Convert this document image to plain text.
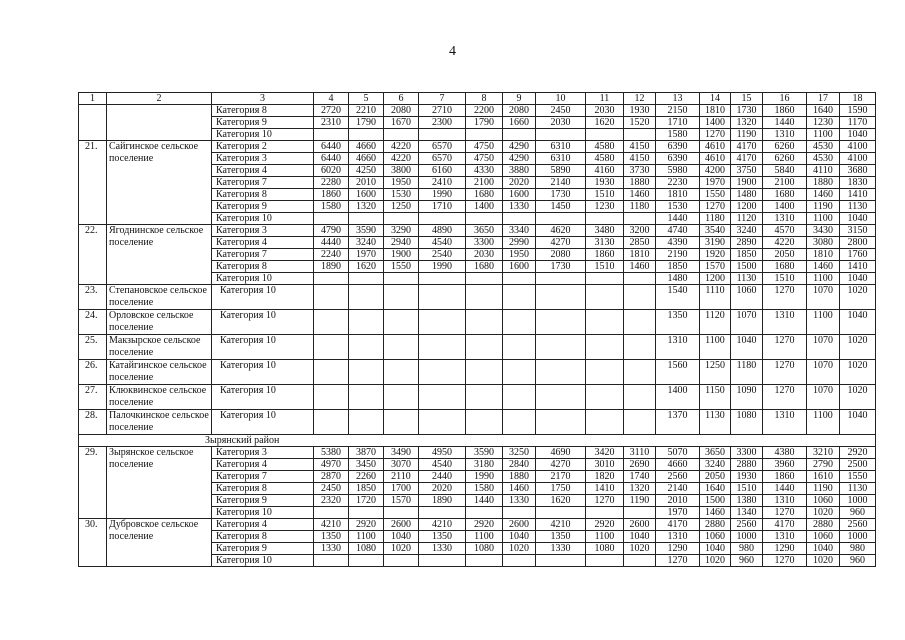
4
1	2	3	4	5	6	7	8	9	10	11	12	13	14	15	16	17	18
		Категория 8	2720	2210	2080	2710	2200	2080	2450	2030	1930	2150	1810	1730	1860	1640	1590
		Категория 9	2310	1790	1670	2300	1790	1660	2030	1620	1520	1710	1400	1320	1440	1230	1170
		Категория 10										1580	1270	1190	1310	1100	1040
21.	Сайгинское сельское поселение	Категория 2	6440	4660	4220	6570	4750	4290	6310	4580	4150	6390	4610	4170	6260	4530	4100
		Категория 3	6440	4660	4220	6570	4750	4290	6310	4580	4150	6390	4610	4170	6260	4530	4100
		Категория 4	6020	4250	3800	6160	4330	3880	5890	4160	3730	5980	4200	3750	5840	4110	3680
		Категория 7	2280	2010	1950	2410	2100	2020	2140	1930	1880	2230	1970	1900	2100	1880	1830
		Категория 8	1860	1600	1530	1990	1680	1600	1730	1510	1460	1810	1550	1480	1680	1460	1410
		Категория 9	1580	1320	1250	1710	1400	1330	1450	1230	1180	1530	1270	1200	1400	1190	1130
		Категория 10										1440	1180	1120	1310	1100	1040
22.	Ягоднинское сельское поселение	Категория 3	4790	3590	3290	4890	3650	3340	4620	3480	3200	4740	3540	3240	4570	3430	3150
		Категория 4	4440	3240	2940	4540	3300	2990	4270	3130	2850	4390	3190	2890	4220	3080	2800
		Категория 7	2240	1970	1900	2540	2030	1950	2080	1860	1810	2190	1920	1850	2050	1810	1760
		Категория 8	1890	1620	1550	1990	1680	1600	1730	1510	1460	1850	1570	1500	1680	1460	1410
		Категория 10										1480	1200	1130	1510	1100	1040
23.	Степановское сельское поселение	Категория 10										1540	1110	1060	1270	1070	1020
24.	Орловское сельское поселение	Категория 10										1350	1120	1070	1310	1100	1040
25.	Макзырское сельское поселение	Категория 10										1310	1100	1040	1270	1070	1020
26.	Катайгинское сельское поселение	Категория 10										1560	1250	1180	1270	1070	1020
27.	Клюквинское сельское поселение	Категория 10										1400	1150	1090	1270	1070	1020
28.	Палочкинское сельское поселение	Категория 10										1370	1130	1080	1310	1100	1040
Зырянский район																	
29.	Зырянское сельское поселение	Категория 3	5380	3870	3490	4950	3590	3250	4690	3420	3110	5070	3650	3300	4380	3210	2920
		Категория 4	4970	3450	3070	4540	3180	2840	4270	3010	2690	4660	3240	2880	3960	2790	2500
		Категория 7	2870	2260	2110	2440	1990	1880	2170	1820	1740	2560	2050	1930	1860	1610	1550
		Категория 8	2450	1850	1700	2020	1580	1460	1750	1410	1320	2140	1640	1510	1440	1190	1130
		Категория 9	2320	1720	1570	1890	1440	1330	1620	1270	1190	2010	1500	1380	1310	1060	1000
		Категория 10										1970	1460	1340	1270	1020	960
30.	Дубровское сельское поселение	Категория 4	4210	2920	2600	4210	2920	2600	4210	2920	2600	4170	2880	2560	4170	2880	2560
		Категория 8	1350	1100	1040	1350	1100	1040	1350	1100	1040	1310	1060	1000	1310	1060	1000
		Категория 9	1330	1080	1020	1330	1080	1020	1330	1080	1020	1290	1040	980	1290	1040	980
		Категория 10										1270	1020	960	1270	1020	960
